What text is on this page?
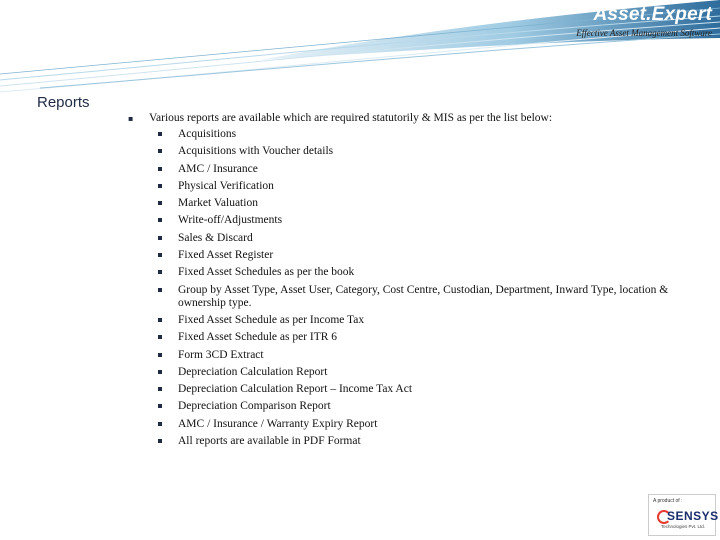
Asset.Expert
Effective Asset Management Software
Reports
▪ Various reports are available which are required statutorily & MIS as per the list below:
Acquisitions
Acquisitions with Voucher details
AMC / Insurance
Physical Verification
Market Valuation
Write-off/Adjustments
Sales & Discard
Fixed Asset Register
Fixed Asset Schedules as per the book
Group by Asset Type, Asset User, Category, Cost Centre, Custodian, Department, Inward Type, location & ownership type.
Fixed Asset Schedule as per Income Tax
Fixed Asset Schedule as per ITR 6
Form 3CD Extract
Depreciation Calculation Report
Depreciation Calculation Report – Income Tax Act
Depreciation Comparison Report
AMC / Insurance / Warranty Expiry Report
All reports are available in PDF Format
A product of :
SENSYS
Technologies Pvt. Ltd.
